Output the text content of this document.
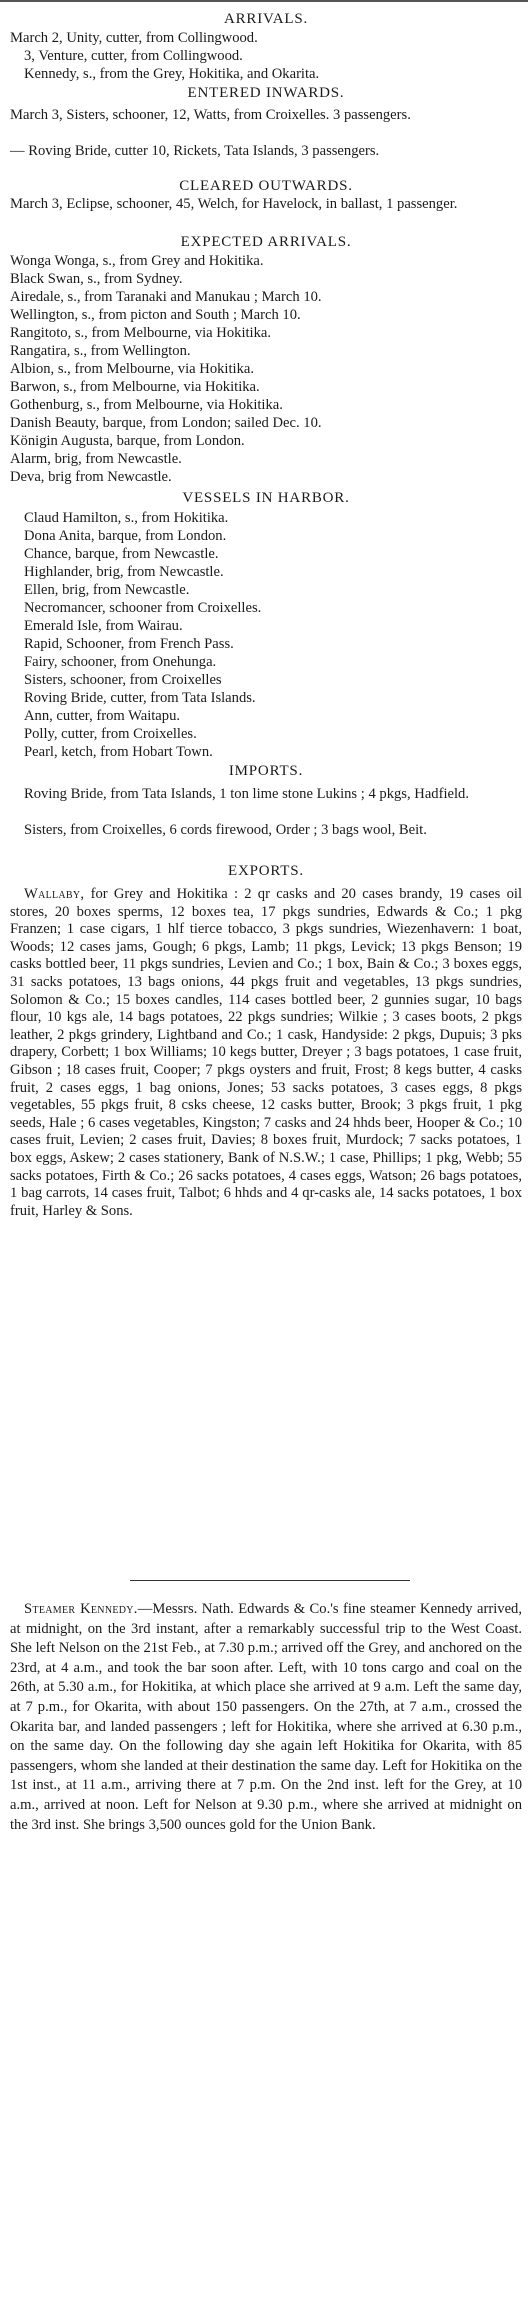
ARRIVALS.
March 2, Unity, cutter, from Collingwood.
3, Venture, cutter, from Collingwood.
Kennedy, s., from the Grey, Hokitika, and Okarita.
ENTERED INWARDS.
March 3, Sisters, schooner, 12, Watts, from Croixelles. 3 passengers.
— Roving Bride, cutter 10, Rickets, Tata Islands, 3 passengers.
CLEARED OUTWARDS.
March 3, Eclipse, schooner, 45, Welch, for Havelock, in ballast, 1 passenger.
EXPECTED ARRIVALS.
Wonga Wonga, s., from Grey and Hokitika.
Black Swan, s., from Sydney.
Airedale, s., from Taranaki and Manukau ; March 10.
Wellington, s., from picton and South ; March 10.
Rangitoto, s., from Melbourne, via Hokitika.
Rangatira, s., from Wellington.
Albion, s., from Melbourne, via Hokitika.
Barwon, s., from Melbourne, via Hokitika.
Gothenburg, s., from Melbourne, via Hokitika.
Danish Beauty, barque, from London; sailed Dec. 10.
Königin Augusta, barque, from London.
Alarm, brig, from Newcastle.
Deva, brig from Newcastle.
VESSELS IN HARBOR.
Claud Hamilton, s., from Hokitika.
Dona Anita, barque, from London.
Chance, barque, from Newcastle.
Highlander, brig, from Newcastle.
Ellen, brig, from Newcastle.
Necromancer, schooner from Croixelles.
Emerald Isle, from Wairau.
Rapid, Schooner, from French Pass.
Fairy, schooner, from Onehunga.
Sisters, schooner, from Croixelles
Roving Bride, cutter, from Tata Islands.
Ann, cutter, from Waitapu.
Polly, cutter, from Croixelles.
Pearl, ketch, from Hobart Town.
IMPORTS.
Roving Bride, from Tata Islands, 1 ton lime stone Lukins ; 4 pkgs, Hadfield.
Sisters, from Croixelles, 6 cords firewood, Order ; 3 bags wool, Beit.
EXPORTS.
Wallaby, for Grey and Hokitika : 2 qr casks and 20 cases brandy, 19 cases oil stores, 20 boxes sperms, 12 boxes tea, 17 pkgs sundries, Edwards & Co.; 1 pkg Franzen; 1 case cigars, 1 hlf tierce tobacco, 3 pkgs sundries, Wiezenhavern: 1 boat, Woods; 12 cases jams, Gough; 6 pkgs, Lamb; 11 pkgs, Levick; 13 pkgs Benson; 19 casks bottled beer, 11 pkgs sundries, Levien and Co.; 1 box, Bain & Co.; 3 boxes eggs, 31 sacks potatoes, 13 bags onions, 44 pkgs fruit and vegetables, 13 pkgs sundries, Solomon & Co.; 15 boxes candles, 114 cases bottled beer, 2 gunnies sugar, 10 bags flour, 10 kgs ale, 14 bags potatoes, 22 pkgs sundries; Wilkie ; 3 cases boots, 2 pkgs leather, 2 pkgs grindery, Lightband and Co.; 1 cask, Handyside: 2 pkgs, Dupuis; 3 pks drapery, Corbett; 1 box Williams; 10 kegs butter, Dreyer ; 3 bags potatoes, 1 case fruit, Gibson ; 18 cases fruit, Cooper; 7 pkgs oysters and fruit, Frost; 8 kegs butter, 4 casks fruit, 2 cases eggs, 1 bag onions, Jones; 53 sacks potatoes, 3 cases eggs, 8 pkgs vegetables, 55 pkgs fruit, 8 csks cheese, 12 casks butter, Brook; 3 pkgs fruit, 1 pkg seeds, Hale ; 6 cases vegetables, Kingston; 7 casks and 24 hhds beer, Hooper & Co.; 10 cases fruit, Levien; 2 cases fruit, Davies; 8 boxes fruit, Murdock; 7 sacks potatoes, 1 box eggs, Askew; 2 cases stationery, Bank of N.S.W.; 1 case, Phillips; 1 pkg, Webb; 55 sacks potatoes, Firth & Co.; 26 sacks potatoes, 4 cases eggs, Watson; 26 bags potatoes, 1 bag carrots, 14 cases fruit, Talbot; 6 hhds and 4 qr-casks ale, 14 sacks potatoes, 1 box fruit, Harley & Sons.
Steamer Kennedy.—Messrs. Nath. Edwards & Co.'s fine steamer Kennedy arrived, at midnight, on the 3rd instant, after a remarkably successful trip to the West Coast. She left Nelson on the 21st Feb., at 7.30 p.m.; arrived off the Grey, and anchored on the 23rd, at 4 a.m., and took the bar soon after. Left, with 10 tons cargo and coal on the 26th, at 5.30 a.m., for Hokitika, at which place she arrived at 9 a.m. Left the same day, at 7 p.m., for Okarita, with about 150 passengers. On the 27th, at 7 a.m., crossed the Okarita bar, and landed passengers ; left for Hokitika, where she arrived at 6.30 p.m., on the same day. On the following day she again left Hokitika for Okarita, with 85 passengers, whom she landed at their destination the same day. Left for Hokitika on the 1st inst., at 11 a.m., arriving there at 7 p.m. On the 2nd inst. left for the Grey, at 10 a.m., arrived at noon. Left for Nelson at 9.30 p.m., where she arrived at midnight on the 3rd inst. She brings 3,500 ounces gold for the Union Bank.
